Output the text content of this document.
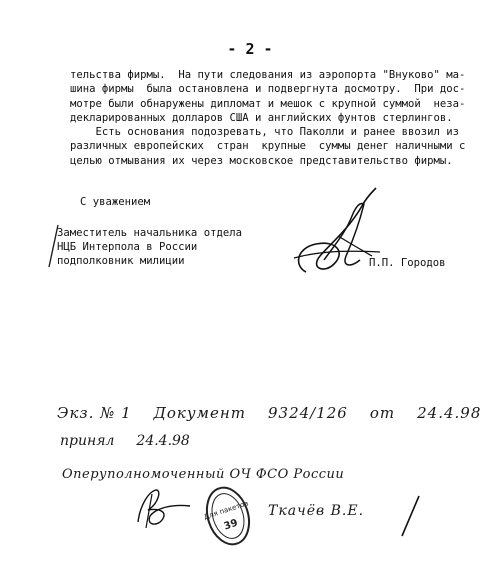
- 2 -
тельства фирмы.  На пути следования из аэропорта "Внуково" ма-
шина фирмы  была остановлена и подвергнута досмотру.  При дос-
мотре были обнаружены дипломат и мешок с крупной суммой  неза-
декларированных долларов США и английских фунтов стерлингов.
Есть основания подозревать, что Паколли и ранее ввозил из
различных европейских  стран  крупные  суммы денег наличными с
целью отмывания их через московское представительство фирмы.
С уважением
Заместитель начальника отдела
НЦБ Интерпола в России
подполковник милиции	П.П. Городов
Экз. № 1 Документ 9324/126 от 24.4.98
принял 24.4.98
Оперуполномоченный ОЧ ФСО России
Для пакетов
39
Ткачёв В.Е.
